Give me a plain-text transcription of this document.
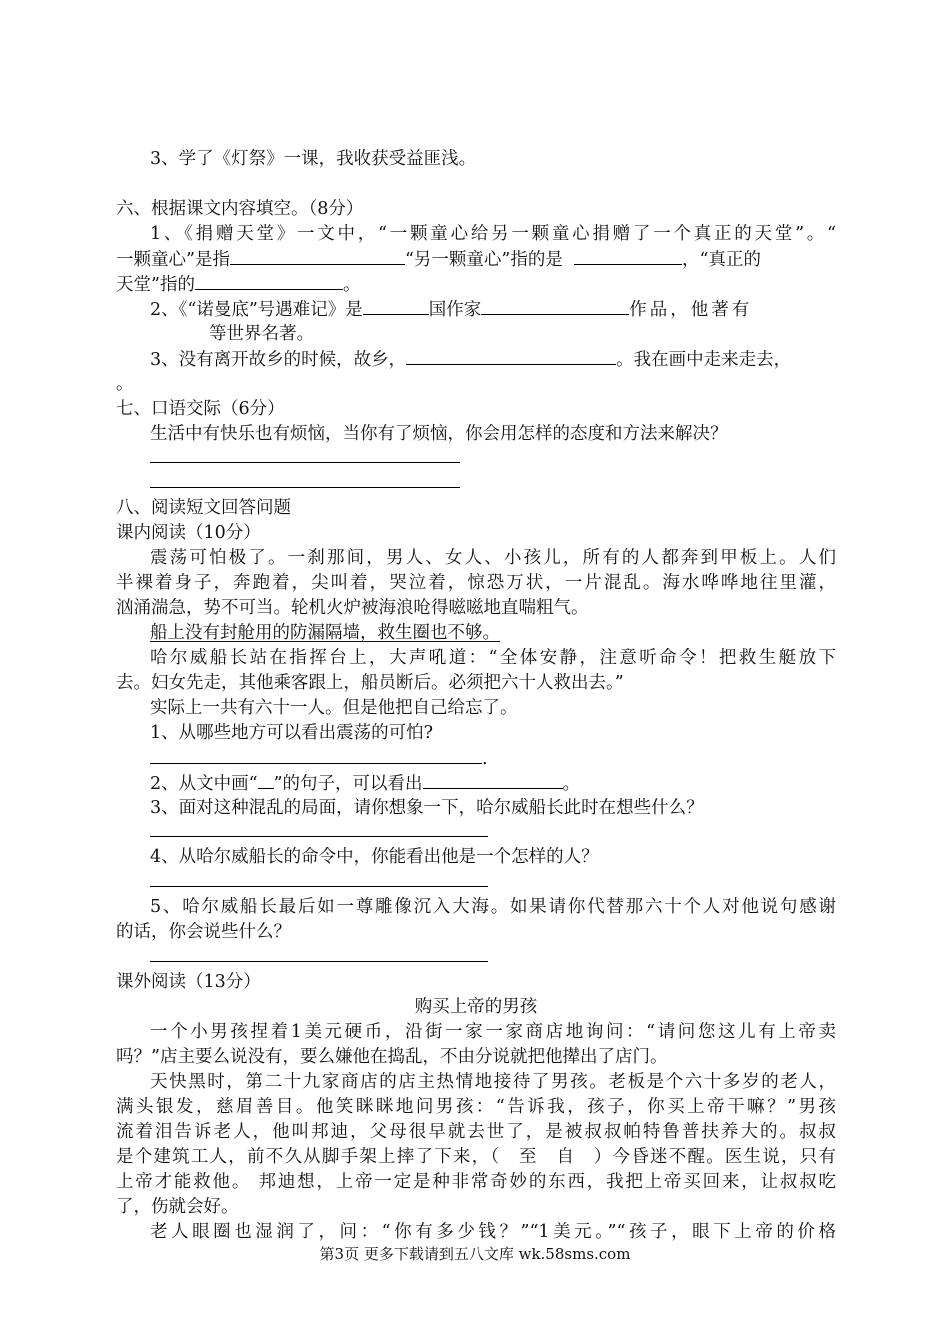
3、学了《灯祭》一课，我收获受益匪浅。
六、根据课文内容填空。（8分）
1、《捐赠天堂》一文中，“一颗童心给另一颗童心捐赠了一个真正的天堂”。“
一颗童心”是指	“另一颗童心”指的是	，“真正的
天堂”指的	。
2、《“诺曼底”号遇难记》是	国作家	作品，他著有
等世界名著。
3、没有离开故乡的时候，故乡，	。我在画中走来走去，
。
七、口语交际（6分）
生活中有快乐也有烦恼，当你有了烦恼，你会用怎样的态度和方法来解决？
八、阅读短文回答问题
课内阅读（10分）
震荡可怕极了。一刹那间，男人、女人、小孩儿，所有的人都奔到甲板上。人们
半裸着身子，奔跑着，尖叫着，哭泣着，惊恐万状，一片混乱。海水哗哗地往里灌，
汹涌湍急，势不可当。轮机火炉被海浪呛得嗞嗞地直喘粗气。
船上没有封舱用的防漏隔墙，救生圈也不够。
哈尔威船长站在指挥台上，大声吼道：“全体安静，注意听命令！把救生艇放下
去。妇女先走，其他乘客跟上，船员断后。必须把六十人救出去。”
实际上一共有六十一人。但是他把自己给忘了。
1、从哪些地方可以看出震荡的可怕?
.
2、从文中画“ ”的句子，可以看出	。
3、面对这种混乱的局面，请你想象一下，哈尔威船长此时在想些什么？
4、从哈尔威船长的命令中，你能看出他是一个怎样的人？
5、哈尔威船长最后如一尊雕像沉入大海。如果请你代替那六十个人对他说句感谢
的话，你会说些什么？
课外阅读（13分）
购买上帝的男孩
一个小男孩捏着1美元硬币，沿街一家一家商店地询问：“请问您这儿有上帝卖
吗？”店主要么说没有，要么嫌他在捣乱，不由分说就把他撵出了店门。
天快黑时，第二十九家商店的店主热情地接待了男孩。老板是个六十多岁的老人，
满头银发，慈眉善目。他笑眯眯地问男孩：“告诉我，孩子，你买上帝干嘛？”男孩
流着泪告诉老人，他叫邦迪，父母很早就去世了，是被叔叔帕特鲁普扶养大的。叔叔
是个建筑工人，前不久从脚手架上摔了下来，（　至　自　）今昏迷不醒。医生说，只有
上帝才能救他。 邦迪想，上帝一定是种非常奇妙的东西，我把上帝买回来，让叔叔吃
了，伤就会好。
老人眼圈也湿润了，问：“你有多少钱？”“1美元。”“孩子，眼下上帝的价格
第3页 更多下载请到五八文库 wk.58sms.com
